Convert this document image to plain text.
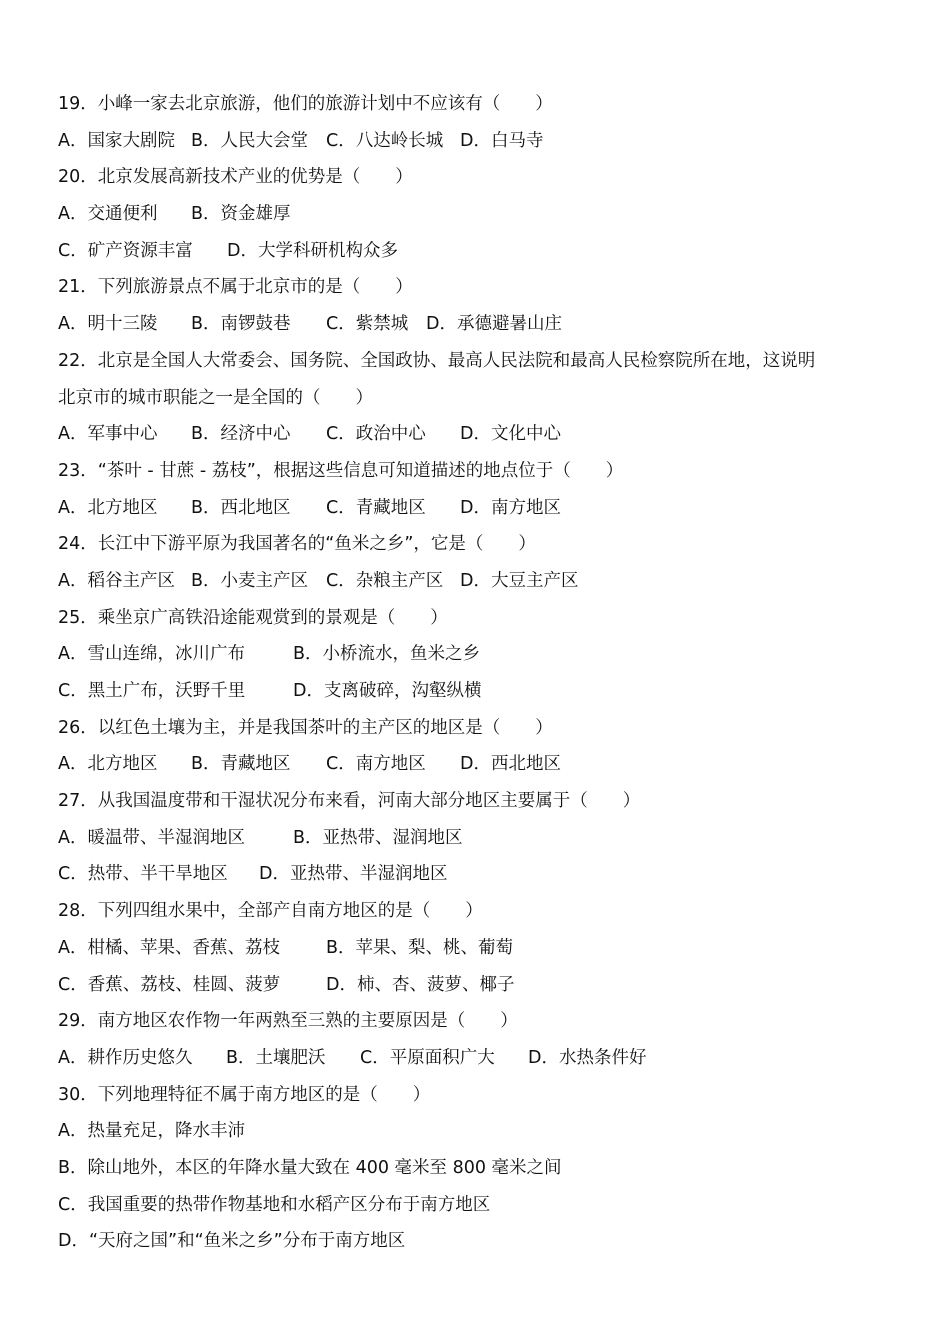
19．小峰一家去北京旅游，他们的旅游计划中不应该有（　　）
A．国家大剧院 B．人民大会堂 C．八达岭长城 D．白马寺
20．北京发展高新技术产业的优势是（　　）
A．交通便利 B．资金雄厚
C．矿产资源丰富 D．大学科研机构众多
21．下列旅游景点不属于北京市的是（　　）
A．明十三陵 B．南锣鼓巷 C．紫禁城 D．承德避暑山庄
22．北京是全国人大常委会、国务院、全国政协、最高人民法院和最高人民检察院所在地，这说明
北京市的城市职能之一是全国的（　　）
A．军事中心 B．经济中心 C．政治中心 D．文化中心
23．“茶叶 - 甘蔗 - 荔枝”，根据这些信息可知道描述的地点位于（　　）
A．北方地区 B．西北地区 C．青藏地区 D．南方地区
24．长江中下游平原为我国著名的“鱼米之乡”，它是（　　）
A．稻谷主产区 B．小麦主产区 C．杂粮主产区 D．大豆主产区
25．乘坐京广高铁沿途能观赏到的景观是（　　）
A．雪山连绵，冰川广布	B．小桥流水，鱼米之乡
C．黑土广布，沃野千里	D．支离破碎，沟壑纵横
26．以红色土壤为主，并是我国茶叶的主产区的地区是（　　）
A．北方地区 B．青藏地区 C．南方地区 D．西北地区
27．从我国温度带和干湿状况分布来看，河南大部分地区主要属于（　　）
A．暖温带、半湿润地区	B．亚热带、湿润地区
C．热带、半干旱地区 D．亚热带、半湿润地区
28．下列四组水果中，全部产自南方地区的是（　　）
A．柑橘、苹果、香蕉、荔枝	B．苹果、梨、桃、葡萄
C．香蕉、荔枝、桂圆、菠萝	D．柿、杏、菠萝、椰子
29．南方地区农作物一年两熟至三熟的主要原因是（　　）
A．耕作历史悠久 B．土壤肥沃 C．平原面积广大 D．水热条件好
30．下列地理特征不属于南方地区的是（　　）
A．热量充足，降水丰沛
B．除山地外，本区的年降水量大致在 400 毫米至 800 毫米之间
C．我国重要的热带作物基地和水稻产区分布于南方地区
D．“天府之国”和“鱼米之乡”分布于南方地区
